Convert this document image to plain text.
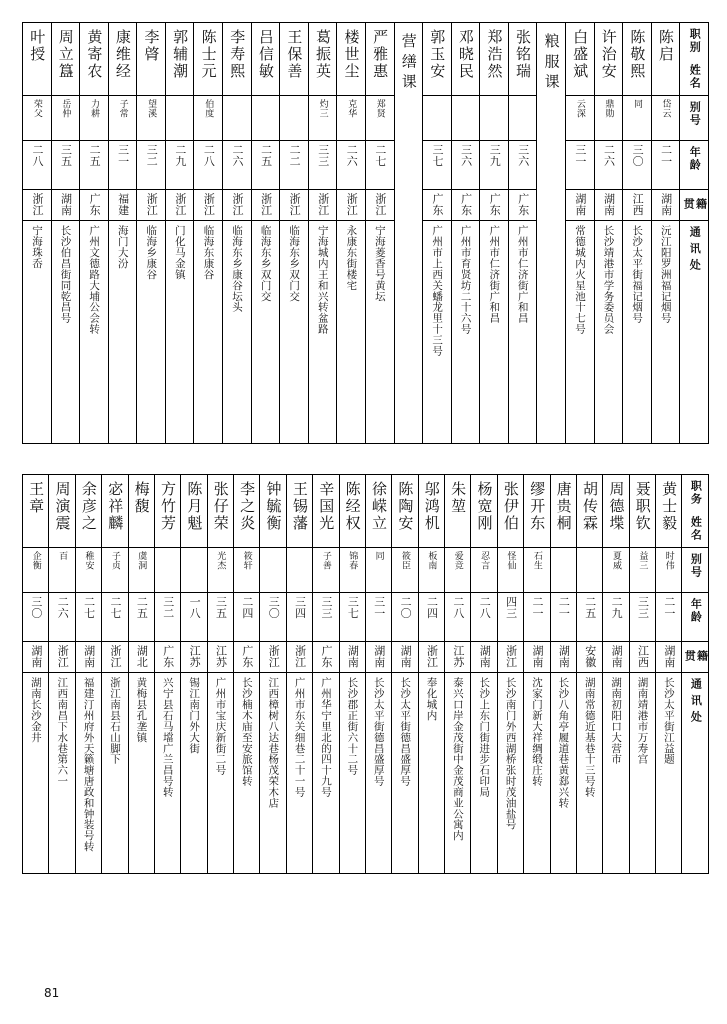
叶授	周立簋	黄寄农	康维经	李䏿	郭辅潮	陈士元	李寿熙	吕信敏	王保善	葛振英	楼世尘	严雅惠	营缮课	郭玉安	邓晓民	郑浩然	张铭瑞	粮服课	白盛斌	许治安	陈敬熙	陈启	职别
姓名

荣父	岳仲	力耕	子常	望溪		伯度				灼三	克华	郑贤							云深	鼎勋	同	岱云	别号

二八	三五	二五	三一	三二	二九	二八	二六	二五	二二	三三	二六	二七		三七	三六	三九	三六		三一	二六	三〇	二一	年龄

浙江	湖南	广东	福建	浙江	浙江	浙江	浙江	浙江	浙江	浙江	浙江	浙江		广东	广东	广东	广东		湖南	湖南	江西	湖南	籍贯

宁海珠岙	长沙伯昌街同乾昌号	广州文德路大埔公会转	海门大汾	临海乡康谷	门化马金镇	临海东康谷	临海东乡康谷坛头	临海东乡双门交	临海东乡双门交	宁海城内王和兴转盆路	永康东街楼宅	宁海菱香号黄坛		广州市上西关蟠龙里十三号	广州市育贤坊二十六号	广州市仁济街广和昌	广州市仁济街广和昌		常德城内火星池十七号	长沙靖港市学务委员会	长沙太平街福记烟号	沅江阳罗洲福记烟号	通讯处
王章	周演震	余彦之	宓祥麟	梅馥	方竹芳	陈月魁	张仔荣	李之炎	钟毓衡	王锡藩	辛国光	陈经权	徐嵘立	陈陶安	邬鸿机	朱堃	杨宽刚	张伊伯	缪开东	唐贵桐	胡传霖	周德堞	聂职钦	黄士毅	职务
姓名

企衡	百	稚安	子贞	虞洞			光杰	筱轩			子善	锦春	同	筱臣	板南	爱竞	忍言	怪仙	石生			夏威	益三	时伟	别号

三〇	二六	二七	二七	二五	三二	一八	三五	二四	三〇	三四	三三	三七	三一	二〇	二四	二八	二八	四三	二一	二一	二五	二九	三三	二一	年龄

湖南	浙江	湖南	浙江	湖北	广东	江苏	江苏	广东	浙江	浙江	广东	湖南	湖南	湖南	浙江	江苏	湖南	浙江	湖南	湖南	安徽	湖南	江西	湖南	籍贯

湖南长沙金井	江西南昌下水巷第六一	福建汀州府外天籁塘唐政和钟装号转	浙江南县石山脚下	黄梅县孔垄镇	兴宁县石马壋广兰昌号转	锡江南门外大街	广州市宝庆新街二号	长沙楠木庙至安旅馆转	江西樟树八达巷杨茂荣木店	广州市东关细巷二十一号	广州华宁里北的四十九号	长沙郡正街六十二号	长沙太平街德昌盛厚号	长沙太平街德昌盛厚号	奉化城内	泰兴口岸金茂街中金茂商业公寓内	长沙上东门街进步石印局	长沙南门外西湖桥张时茂油盐号	沈家门新大祥绸缎庄转	长沙八角亭履道巷黄郄兴转	湖南常德近基巷十三号转	湖南初阳口大营市	湖南靖港市万寿宫	长沙太平街江益题	通讯处
81
